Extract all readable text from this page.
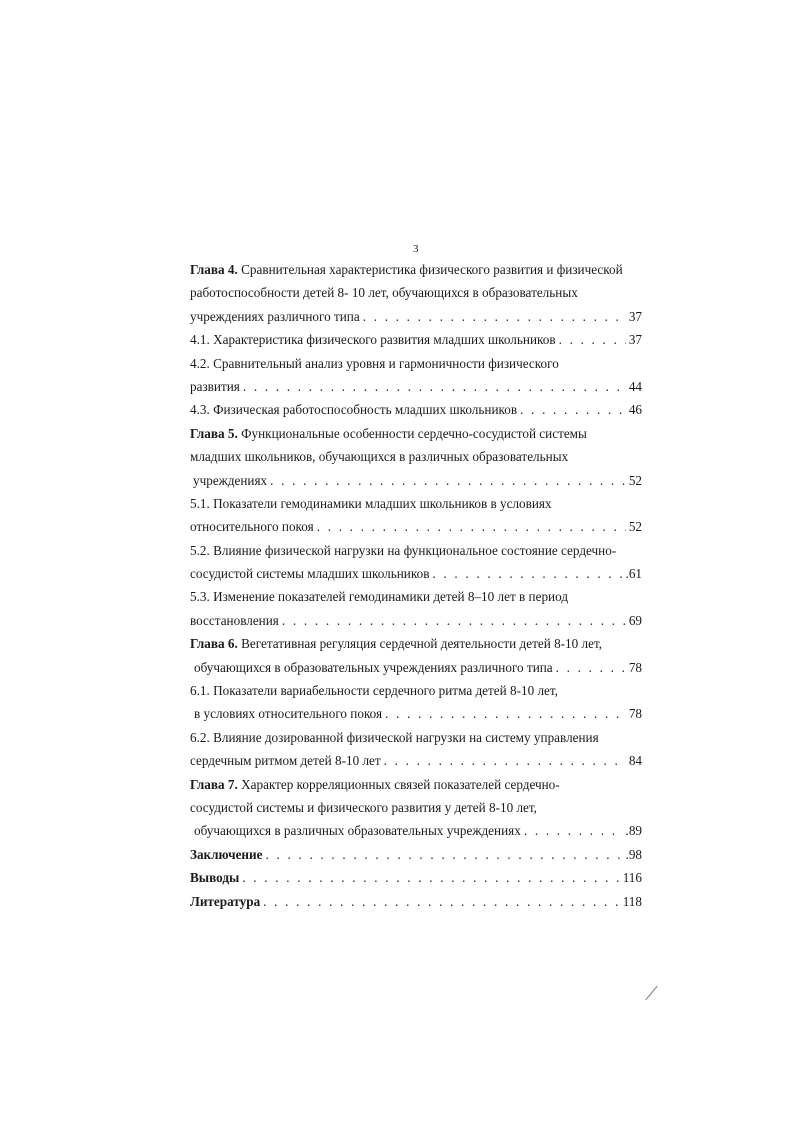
3
Глава 4. Сравнительная характеристика физического развития и физической
работоспособности детей 8- 10 лет, обучающихся в образовательных
учреждениях различного типа . . .	37
4.1. Характеристика физического развития младших школьников . . .	37
4.2. Сравнительный анализ уровня и гармоничности физического
развития . . .	44
4.3. Физическая работоспособность младших школьников . . .	46
Глава 5. Функциональные особенности сердечно-сосудистой системы
младших школьников, обучающихся в различных образовательных
учреждениях . . .	52
5.1. Показатели гемодинамики младших школьников в условиях
относительного покоя . . .	52
5.2. Влияние физической нагрузки на функциональное состояние сердечно-
сосудистой системы младших школьников . . .	.61
5.3. Изменение показателей гемодинамики детей 8–10 лет в период
восстановления . . .	69
Глава 6. Вегетативная регуляция сердечной деятельности детей 8-10 лет,
обучающихся в образовательных учреждениях различного типа . . .	78
6.1. Показатели вариабельности сердечного ритма детей 8-10 лет,
в условиях относительного покоя . . .	78
6.2. Влияние дозированной физической нагрузки на систему управления
сердечным ритмом детей 8-10 лет . . .	84
Глава 7. Характер корреляционных связей показателей сердечно-
сосудистой системы и физического развития у детей 8-10 лет,
обучающихся в различных образовательных учреждениях . . .	.89
Заключение . . .	.98
Выводы . . .	116
Литература . . .	118
